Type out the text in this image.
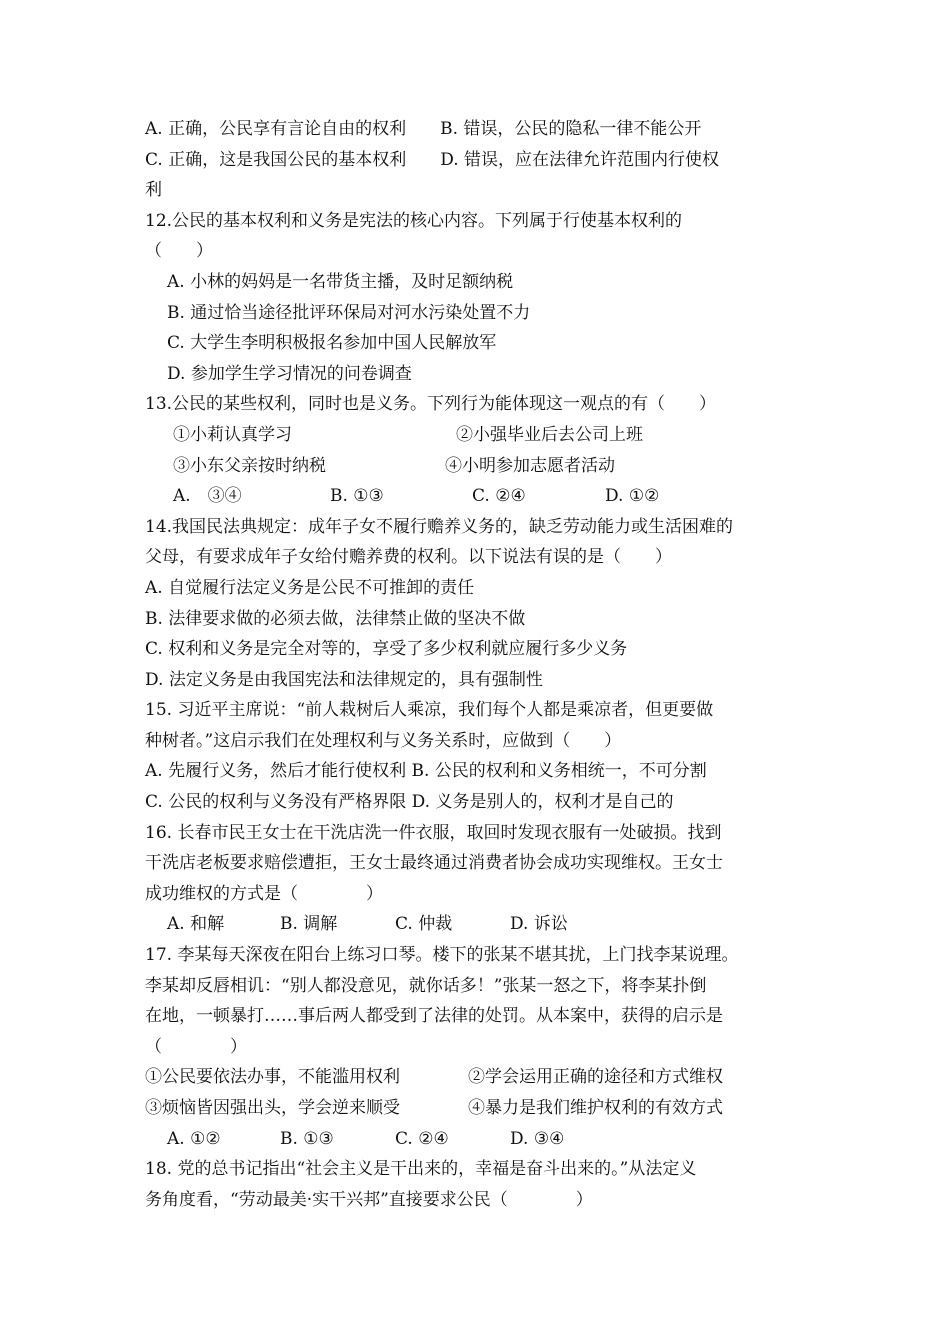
A. 正确，公民享有言论自由的权利　　B. 错误，公民的隐私一律不能公开
C. 正确，这是我国公民的基本权利　　D. 错误，应在法律允许范围内行使权
利
12.公民的基本权利和义务是宪法的核心内容。下列属于行使基本权利的
（　　）
A. 小林的妈妈是一名带货主播，及时足额纳税
B. 通过恰当途径批评环保局对河水污染处置不力
C. 大学生李明积极报名参加中国人民解放军
D. 参加学生学习情况的问卷调查
13.公民的某些权利，同时也是义务。下列行为能体现这一观点的有（　　）
①小莉认真学习	②小强毕业后去公司上班
③小东父亲按时纳税	④小明参加志愿者活动
A.　③④	B. ①③	C. ②④	D. ①②
14.我国民法典规定：成年子女不履行赡养义务的，缺乏劳动能力或生活困难的
父母，有要求成年子女给付赡养费的权利。以下说法有误的是（　　）
A. 自觉履行法定义务是公民不可推卸的责任
B. 法律要求做的必须去做，法律禁止做的坚决不做
C. 权利和义务是完全对等的，享受了多少权利就应履行多少义务
D. 法定义务是由我国宪法和法律规定的，具有强制性
15. 习近平主席说：“前人栽树后人乘凉，我们每个人都是乘凉者，但更要做
种树者。”这启示我们在处理权利与义务关系时，应做到（　　）
A. 先履行义务，然后才能行使权利 B. 公民的权利和义务相统一，不可分割
C. 公民的权利与义务没有严格界限 D. 义务是别人的，权利才是自己的
16. 长春市民王女士在干洗店洗一件衣服，取回时发现衣服有一处破损。找到
干洗店老板要求赔偿遭拒，王女士最终通过消费者协会成功实现维权。王女士
成功维权的方式是（　　　　）
A. 和解	B. 调解	C. 仲裁	D. 诉讼
17. 李某每天深夜在阳台上练习口琴。楼下的张某不堪其扰，上门找李某说理。
李某却反唇相讥：“别人都没意见，就你话多！”张某一怒之下，将李某扑倒
在地，一顿暴打……事后两人都受到了法律的处罚。从本案中，获得的启示是
（　　　　）
①公民要依法办事，不能滥用权利	②学会运用正确的途径和方式维权
③烦恼皆因强出头，学会逆来顺受	④暴力是我们维护权利的有效方式
A. ①②	B. ①③	C. ②④	D. ③④
18. 党的总书记指出“社会主义是干出来的，幸福是奋斗出来的。”从法定义
务角度看，“劳动最美·实干兴邦”直接要求公民（　　　　）
